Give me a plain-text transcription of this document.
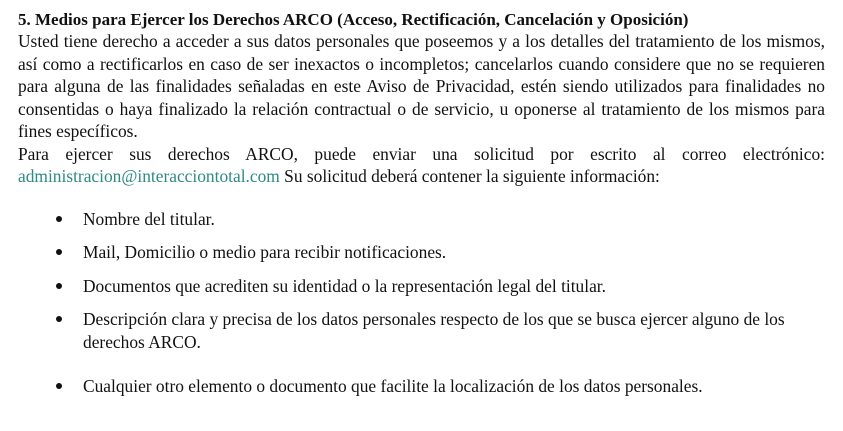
5. Medios para Ejercer los Derechos ARCO (Acceso, Rectificación, Cancelación y Oposición)

Usted tiene derecho a acceder a sus datos personales que poseemos y a los detalles del tratamiento de los mismos, así como a rectificarlos en caso de ser inexactos o incompletos; cancelarlos cuando considere que no se requieren para alguna de las finalidades señaladas en este Aviso de Privacidad, estén siendo utilizados para finalidades no consentidas o haya finalizado la relación contractual o de servicio, u oponerse al tratamiento de los mismos para fines específicos.

Para ejercer sus derechos ARCO, puede enviar una solicitud por escrito al correo electrónico: administracion@interacciontotal.com Su solicitud deberá contener la siguiente información:

Nombre del titular.
Mail, Domicilio o medio para recibir notificaciones.
Documentos que acrediten su identidad o la representación legal del titular.
Descripción clara y precisa de los datos personales respecto de los que se busca ejercer alguno de los derechos ARCO.
Cualquier otro elemento o documento que facilite la localización de los datos personales.
